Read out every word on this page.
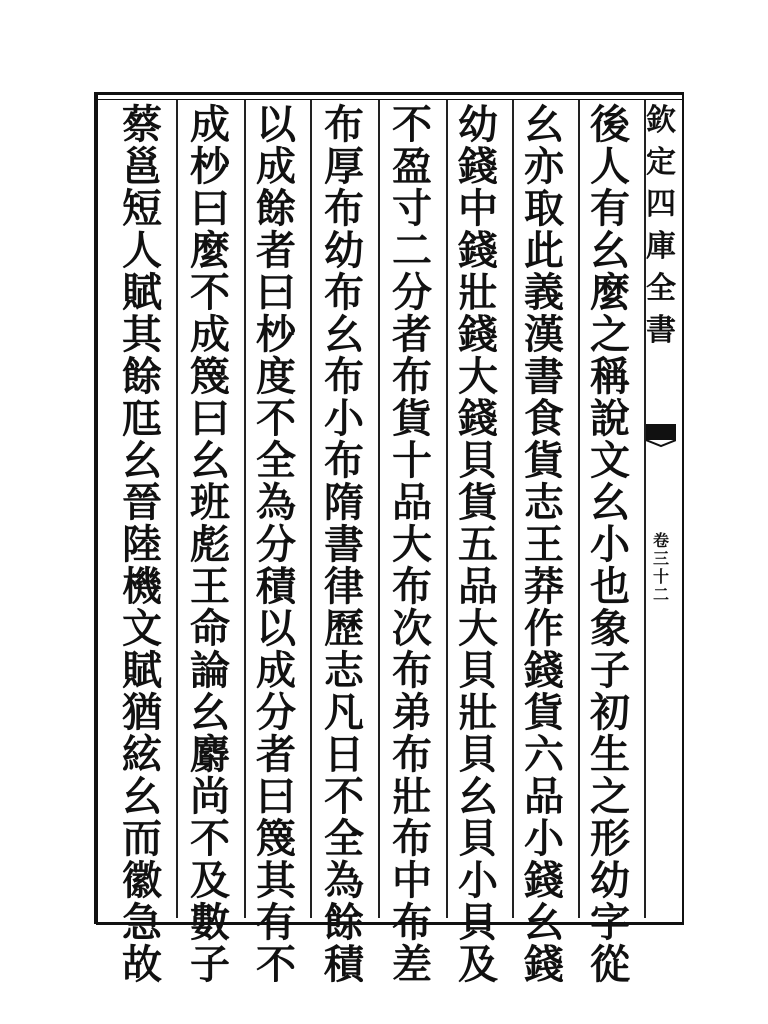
欽
定
四
庫
全
書
卷
三
十
二
後
人
有
幺
麼
之
稱
說
文
幺
小
也
象
子
初
生
之
形
幼
字
從
幺
亦
取
此
義
漢
書
食
貨
志
王
莽
作
錢
貨
六
品
小
錢
幺
錢
幼
錢
中
錢
壯
錢
大
錢
貝
貨
五
品
大
貝
壯
貝
幺
貝
小
貝
及
不
盈
寸
二
分
者
布
貨
十
品
大
布
次
布
弟
布
壯
布
中
布
差
布
厚
布
幼
布
幺
布
小
布
隋
書
律
歷
志
凡
日
不
全
為
餘
積
以
成
餘
者
曰
杪
度
不
全
為
分
積
以
成
分
者
曰
篾
其
有
不
成
杪
曰
麼
不
成
篾
曰
幺
班
彪
王
命
論
幺
麝
尚
不
及
數
子
蔡
邕
短
人
賦
其
餘
尫
幺
晉
陸
機
文
賦
猶
絃
幺
而
徽
急
故
